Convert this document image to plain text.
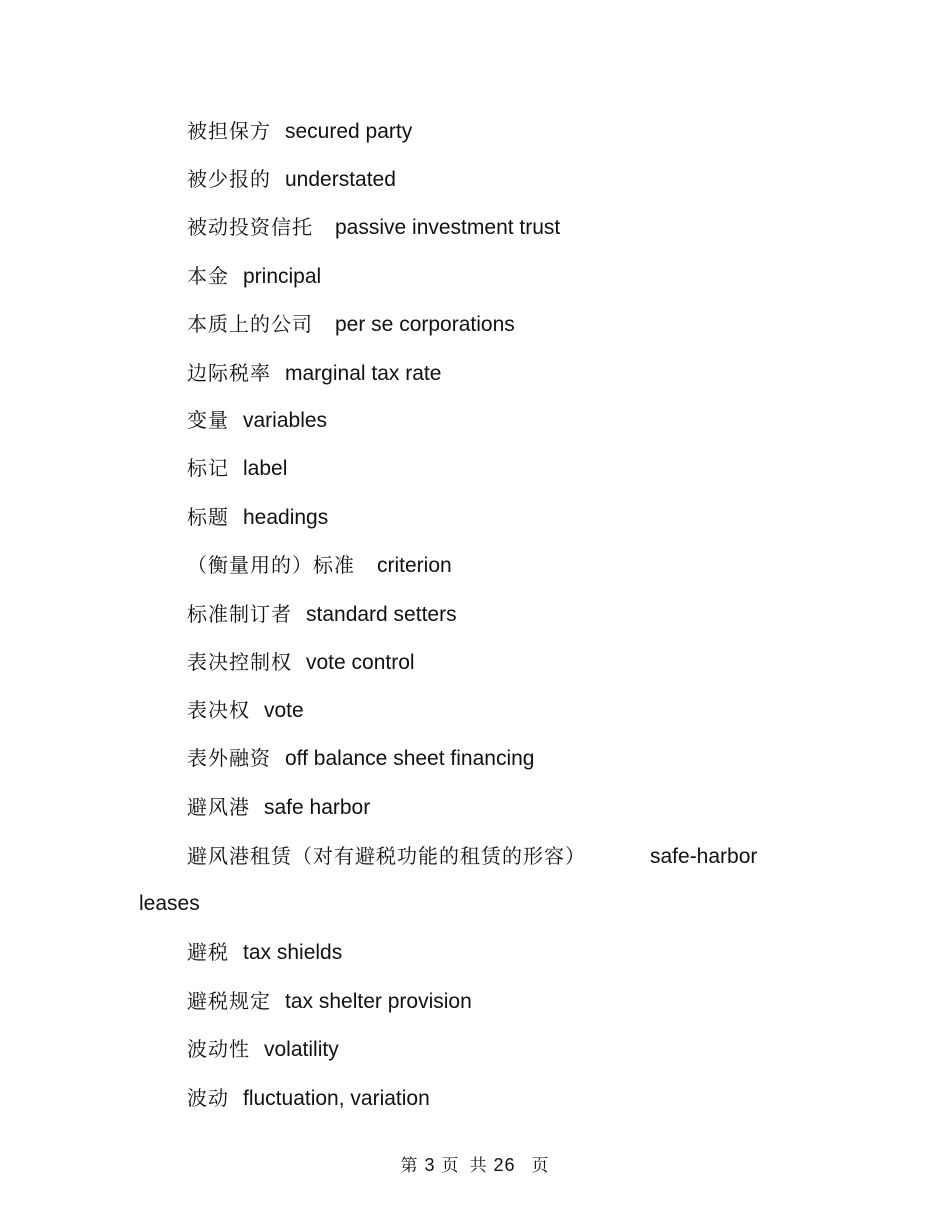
被担保方 secured party
被少报的 understated
被动投资信托 passive investment trust
本金 principal
本质上的公司 per se corporations
边际税率 marginal tax rate
变量 variables
标记 label
标题 headings
（衡量用的）标准 criterion
标准制订者 standard setters
表决控制权 vote control
表决权 vote
表外融资 off balance sheet financing
避风港 safe harbor
避风港租赁（对有避税功能的租赁的形容）	safe-harbor
leases
避税 tax shields
避税规定 tax shelter provision
波动性 volatility
波动 fluctuation, variation
第 3 页 共 26 页
